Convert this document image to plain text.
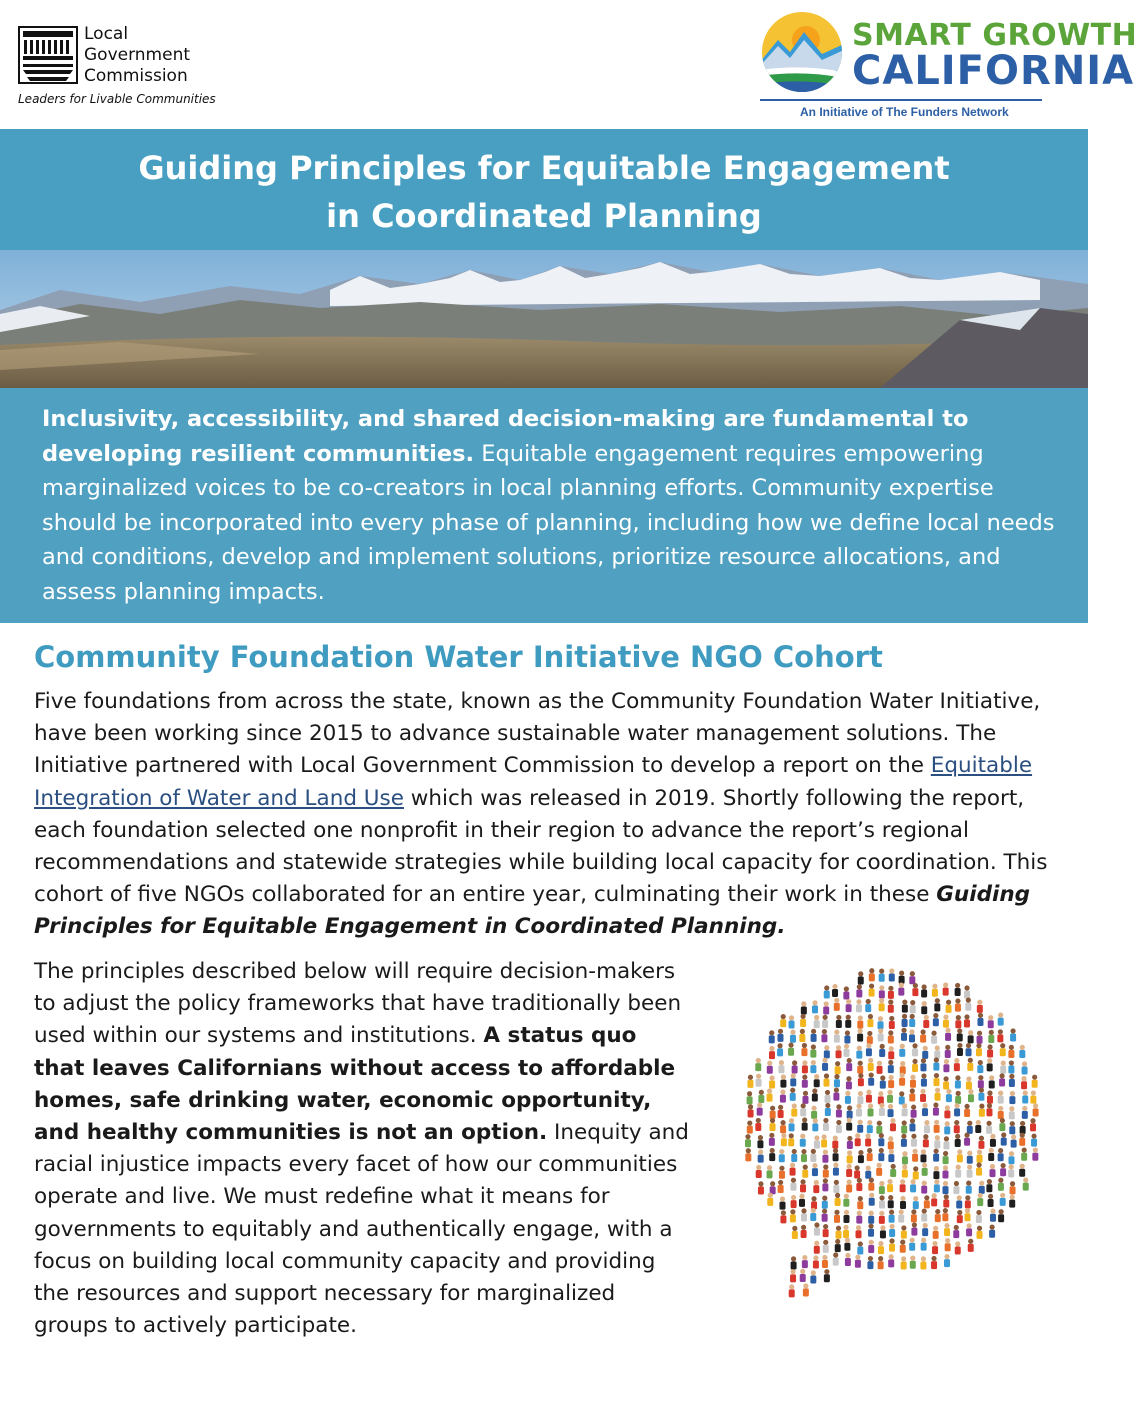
Local
Government
Commission
Leaders for Livable Communities
SMART GROWTH
CALIFORNIA
An Initiative of The Funders Network
Guiding Principles for Equitable Engagement
in Coordinated Planning
Inclusivity, accessibility, and shared decision-making are fundamental to developing resilient communities. Equitable engagement requires empowering marginalized voices to be co-creators in local planning efforts. Community expertise should be incorporated into every phase of planning, including how we define local needs and conditions, develop and implement solutions, prioritize resource allocations, and assess planning impacts.
Community Foundation Water Initiative NGO Cohort
Five foundations from across the state, known as the Community Foundation Water Initiative, have been working since 2015 to advance sustainable water management solutions. The Initiative partnered with Local Government Commission to develop a report on the Equitable Integration of Water and Land Use which was released in 2019. Shortly following the report, each foundation selected one nonprofit in their region to advance the report’s regional recommendations and statewide strategies while building local capacity for coordination. This cohort of five NGOs collaborated for an entire year, culminating their work in these Guiding Principles for Equitable Engagement in Coordinated Planning.
The principles described below will require decision-makers to adjust the policy frameworks that have traditionally been used within our systems and institutions. A status quo that leaves Californians without access to affordable homes, safe drinking water, economic opportunity, and healthy communities is not an option. Inequity and racial injustice impacts every facet of how our communities operate and live. We must redefine what it means for governments to equitably and authentically engage, with a focus on building local community capacity and providing the resources and support necessary for marginalized groups to actively participate.
